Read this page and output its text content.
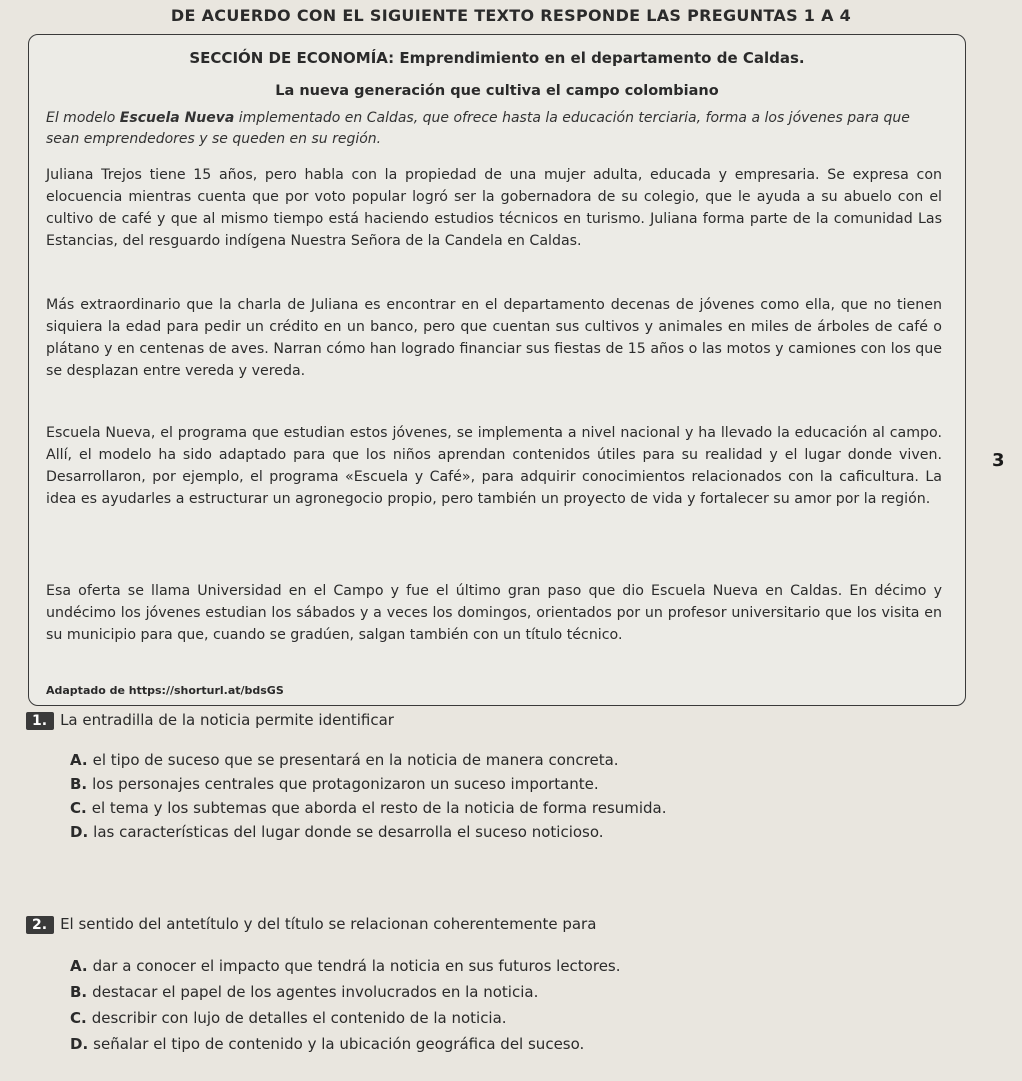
DE ACUERDO CON EL SIGUIENTE TEXTO RESPONDE LAS PREGUNTAS 1 A 4
SECCIÓN DE ECONOMÍA: Emprendimiento en el departamento de Caldas.
La nueva generación que cultiva el campo colombiano
El modelo Escuela Nueva implementado en Caldas, que ofrece hasta la educación terciaria, forma a los jóvenes para que sean emprendedores y se queden en su región.
Juliana Trejos tiene 15 años, pero habla con la propiedad de una mujer adulta, educada y empresaria. Se expresa con elocuencia mientras cuenta que por voto popular logró ser la gobernadora de su colegio, que le ayuda a su abuelo con el cultivo de café y que al mismo tiempo está haciendo estudios técnicos en turismo. Juliana forma parte de la comunidad Las Estancias, del resguardo indígena Nuestra Señora de la Candela en Caldas.
Más extraordinario que la charla de Juliana es encontrar en el departamento decenas de jóvenes como ella, que no tienen siquiera la edad para pedir un crédito en un banco, pero que cuentan sus cultivos y animales en miles de árboles de café o plátano y en centenas de aves. Narran cómo han logrado financiar sus fiestas de 15 años o las motos y camiones con los que se desplazan entre vereda y vereda.
Escuela Nueva, el programa que estudian estos jóvenes, se implementa a nivel nacional y ha llevado la educación al campo. Allí, el modelo ha sido adaptado para que los niños aprendan contenidos útiles para su realidad y el lugar donde viven. Desarrollaron, por ejemplo, el programa «Escuela y Café», para adquirir conocimientos relacionados con la caficultura. La idea es ayudarles a estructurar un agronegocio propio, pero también un proyecto de vida y fortalecer su amor por la región.
Esa oferta se llama Universidad en el Campo y fue el último gran paso que dio Escuela Nueva en Caldas. En décimo y undécimo los jóvenes estudian los sábados y a veces los domingos, orientados por un profesor universitario que los visita en su municipio para que, cuando se gradúen, salgan también con un título técnico.
Adaptado de https://shorturl.at/bdsGS
3
1. La entradilla de la noticia permite identificar
A. el tipo de suceso que se presentará en la noticia de manera concreta.
B. los personajes centrales que protagonizaron un suceso importante.
C. el tema y los subtemas que aborda el resto de la noticia de forma resumida.
D. las características del lugar donde se desarrolla el suceso noticioso.
2. El sentido del antetítulo y del título se relacionan coherentemente para
A. dar a conocer el impacto que tendrá la noticia en sus futuros lectores.
B. destacar el papel de los agentes involucrados en la noticia.
C. describir con lujo de detalles el contenido de la noticia.
D. señalar el tipo de contenido y la ubicación geográfica del suceso.
